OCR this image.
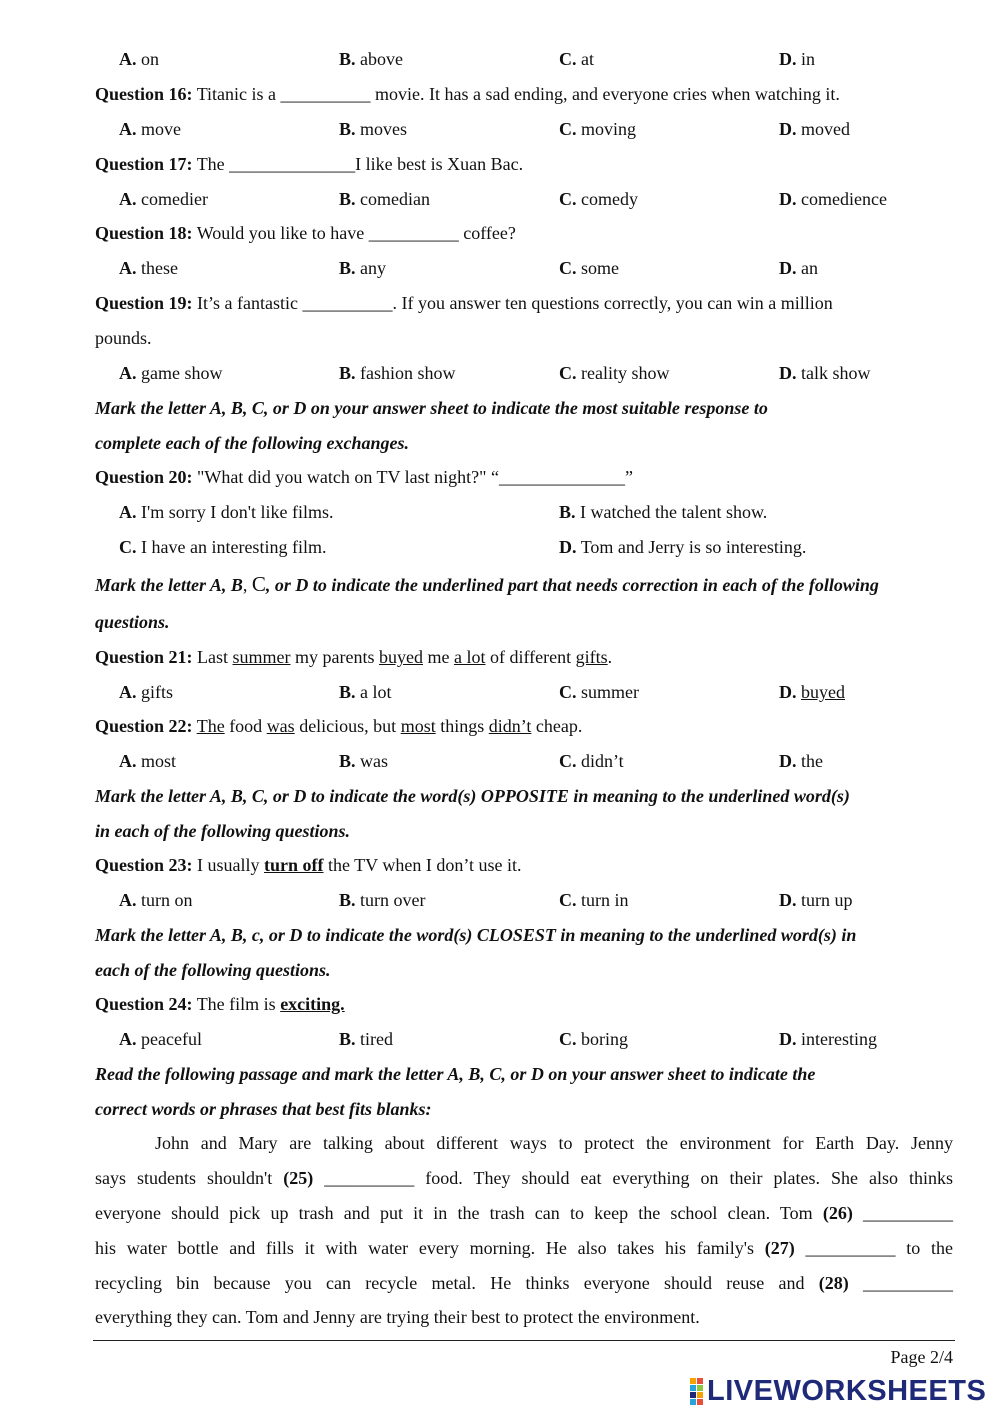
A. on	B. above	C. at	D. in
Question 16: Titanic is a __________ movie. It has a sad ending, and everyone cries when watching it.
A. move	B. moves	C. moving	D. moved
Question 17: The ______________I like best is Xuan Bac.
A. comedier	B. comedian	C. comedy	D. comedience
Question 18: Would you like to have __________ coffee?
A. these	B. any	C. some	D. an
Question 19: It’s a fantastic __________. If you answer ten questions correctly, you can win a million
pounds.
A. game show	B. fashion show	C. reality show	D. talk show
Mark the letter A, B, C, or D on your answer sheet to indicate the most suitable response to
complete each of the following exchanges.
Question 20: "What did you watch on TV last night?" “______________”
A. I'm sorry I don't like films.	B. I watched the talent show.
C. I have an interesting film.	D. Tom and Jerry is so interesting.
Mark the letter A, B, C, or D to indicate the underlined part that needs correction in each of the following
questions.
Question 21: Last summer my parents buyed me a lot of different gifts.
A. gifts	B. a lot	C. summer	D. buyed
Question 22: The food was delicious, but most things didn’t cheap.
A. most	B. was	C. didn’t	D. the
Mark the letter A, B, C, or D to indicate the word(s) OPPOSITE in meaning to the underlined word(s)
in each of the following questions.
Question 23: I usually turn off the TV when I don’t use it.
A. turn on	B. turn over	C. turn in	D. turn up
Mark the letter A, B, c, or D to indicate the word(s) CLOSEST in meaning to the underlined word(s) in
each of the following questions.
Question 24: The film is exciting.
A. peaceful	B. tired	C. boring	D. interesting
Read the following passage and mark the letter A, B, C, or D on your answer sheet to indicate the
correct words or phrases that best fits blanks:
John and Mary are talking about different ways to protect the environment for Earth Day. Jenny
says students shouldn't (25) __________ food. They should eat everything on their plates. She also thinks
everyone should pick up trash and put it in the trash can to keep the school clean. Tom (26) __________
his water bottle and fills it with water every morning. He also takes his family's (27) __________ to the
recycling bin because you can recycle metal. He thinks everyone should reuse and (28) __________
everything they can. Tom and Jenny are trying their best to protect the environment.
Page 2/4
LIVEWORKSHEETS
